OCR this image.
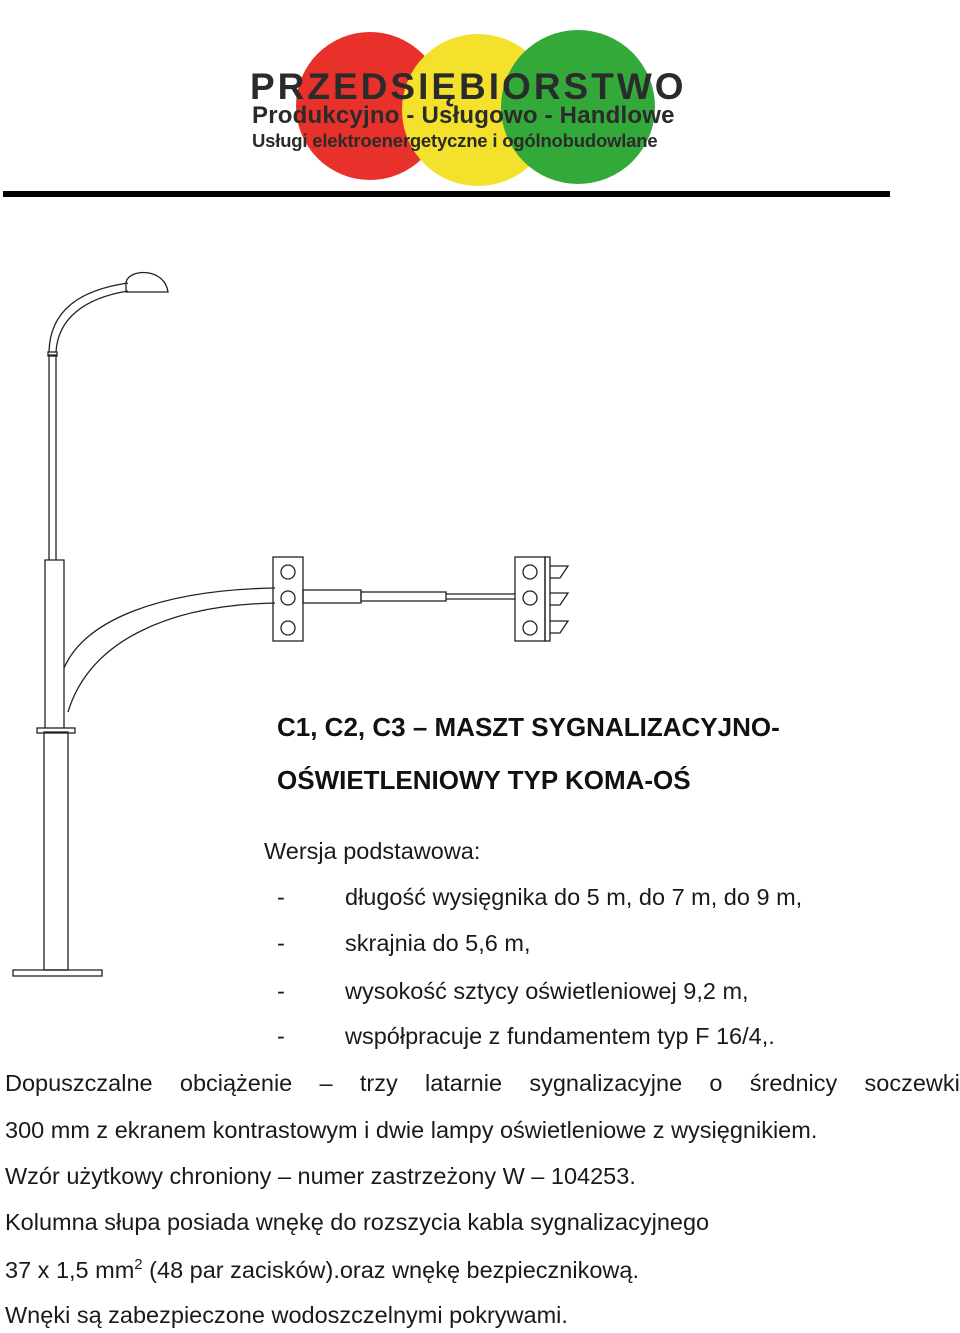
PRZEDSIĘBIORSTWO
Produkcyjno - Usługowo - Handlowe
Usługi elektroenergetyczne i ogólnobudowlane
C1, C2, C3 – MASZT SYGNALIZACYJNO-
OŚWIETLENIOWY TYP KOMA-OŚ
Wersja podstawowa:
-	długość wysięgnika do 5 m, do 7 m, do 9 m,
-	skrajnia do 5,6 m,
-	wysokość sztycy oświetleniowej 9,2 m,
-	współpracuje z fundamentem typ F 16/4,.
Dopuszczalne obciążenie – trzy latarnie sygnalizacyjne o średnicy soczewki
300 mm z ekranem kontrastowym i dwie lampy oświetleniowe z wysięgnikiem.
Wzór użytkowy chroniony – numer zastrzeżony W – 104253.
Kolumna słupa posiada wnękę do rozszycia kabla sygnalizacyjnego
37 x 1,5 $mm^2$ (48 par zacisków).oraz wnękę bezpiecznikową.
Wnęki są zabezpieczone wodoszczelnymi pokrywami.
